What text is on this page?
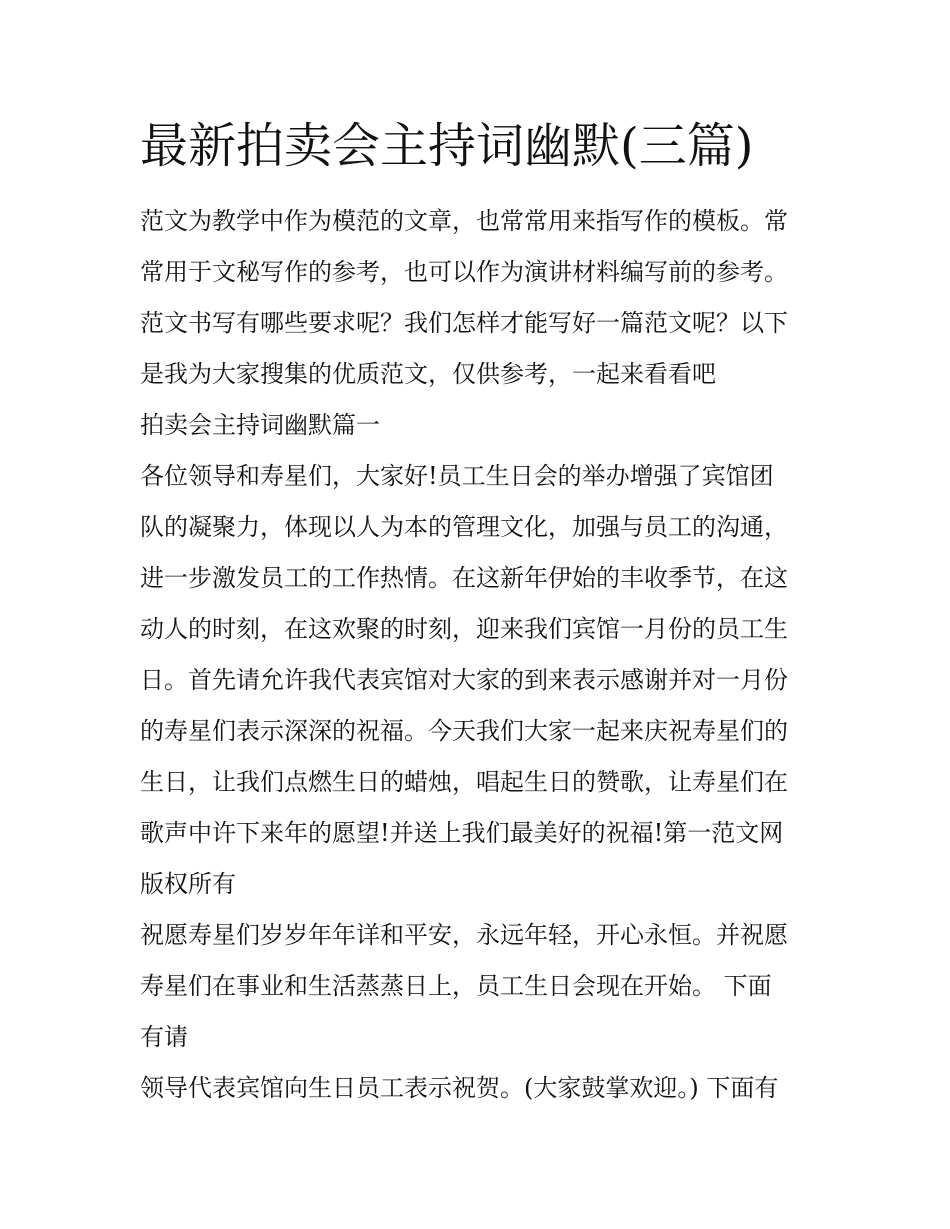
最新拍卖会主持词幽默(三篇)
范文为教学中作为模范的文章，也常常用来指写作的模板。常
常用于文秘写作的参考，也可以作为演讲材料编写前的参考。
范文书写有哪些要求呢？我们怎样才能写好一篇范文呢？以下
是我为大家搜集的优质范文，仅供参考，一起来看看吧
拍卖会主持词幽默篇一
各位领导和寿星们，大家好!员工生日会的举办增强了宾馆团
队的凝聚力，体现以人为本的管理文化，加强与员工的沟通，
进一步激发员工的工作热情。在这新年伊始的丰收季节，在这
动人的时刻，在这欢聚的时刻，迎来我们宾馆一月份的员工生
日。首先请允许我代表宾馆对大家的到来表示感谢并对一月份
的寿星们表示深深的祝福。今天我们大家一起来庆祝寿星们的
生日，让我们点燃生日的蜡烛，唱起生日的赞歌，让寿星们在
歌声中许下来年的愿望!并送上我们最美好的祝福!第一范文网
版权所有
祝愿寿星们岁岁年年详和平安，永远年轻，开心永恒。并祝愿
寿星们在事业和生活蒸蒸日上，员工生日会现在开始。 下面
有请
领导代表宾馆向生日员工表示祝贺。(大家鼓掌欢迎。) 下面有
